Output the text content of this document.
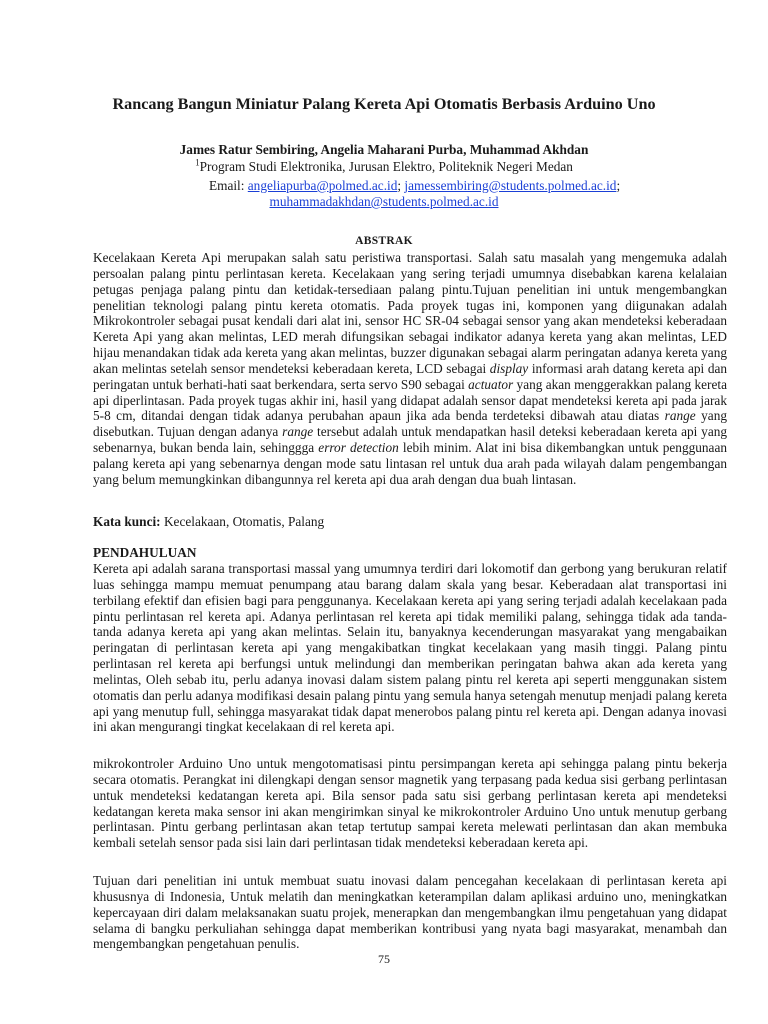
Rancang Bangun Miniatur Palang Kereta Api Otomatis Berbasis Arduino Uno
James Ratur Sembiring, Angelia Maharani Purba, Muhammad Akhdan
$^1$Program Studi Elektronika, Jurusan Elektro, Politeknik Negeri Medan
Email: angeliapurba@polmed.ac.id; jamessembiring@students.polmed.ac.id;
muhammadakhdan@students.polmed.ac.id
ABSTRAK
Kecelakaan Kereta Api merupakan salah satu peristiwa transportasi. Salah satu masalah yang mengemuka adalah persoalan palang pintu perlintasan kereta. Kecelakaan yang sering terjadi umumnya disebabkan karena kelalaian petugas penjaga palang pintu dan ketidak-tersediaan palang pintu.Tujuan penelitian ini untuk mengembangkan penelitian teknologi palang pintu kereta otomatis. Pada proyek tugas ini, komponen yang diigunakan adalah Mikrokontroler sebagai pusat kendali dari alat ini, sensor HC SR-04 sebagai sensor yang akan mendeteksi keberadaan Kereta Api yang akan melintas, LED merah difungsikan sebagai indikator adanya kereta yang akan melintas, LED hijau menandakan tidak ada kereta yang akan melintas, buzzer digunakan sebagai alarm peringatan adanya kereta yang akan melintas setelah sensor mendeteksi keberadaan kereta, LCD sebagai display informasi arah datang kereta api dan peringatan untuk berhati-hati saat berkendara, serta servo S90 sebagai actuator yang akan menggerakkan palang kereta api diperlintasan. Pada proyek tugas akhir ini, hasil yang didapat adalah sensor dapat mendeteksi kereta api pada jarak 5-8 cm, ditandai dengan tidak adanya perubahan apaun jika ada benda terdeteksi dibawah atau diatas range yang disebutkan. Tujuan dengan adanya range tersebut adalah untuk mendapatkan hasil deteksi keberadaan kereta api yang sebenarnya, bukan benda lain, sehinggga error detection lebih minim. Alat ini bisa dikembangkan untuk penggunaan palang kereta api yang sebenarnya dengan mode satu lintasan rel untuk dua arah pada wilayah dalam pengembangan yang belum memungkinkan dibangunnya rel kereta api dua arah dengan dua buah lintasan.
Kata kunci: Kecelakaan, Otomatis, Palang
PENDAHULUAN
Kereta api adalah sarana transportasi massal yang umumnya terdiri dari lokomotif dan gerbong yang berukuran relatif luas sehingga mampu memuat penumpang atau barang dalam skala yang besar. Keberadaan alat transportasi ini terbilang efektif dan efisien bagi para penggunanya. Kecelakaan kereta api yang sering terjadi adalah kecelakaan pada pintu perlintasan rel kereta api. Adanya perlintasan rel kereta api tidak memiliki palang, sehingga tidak ada tanda-tanda adanya kereta api yang akan melintas. Selain itu, banyaknya kecenderungan masyarakat yang mengabaikan peringatan di perlintasan kereta api yang mengakibatkan tingkat kecelakaan yang masih tinggi. Palang pintu perlintasan rel kereta api berfungsi untuk melindungi dan memberikan peringatan bahwa akan ada kereta yang melintas, Oleh sebab itu, perlu adanya inovasi dalam sistem palang pintu rel kereta api seperti menggunakan sistem otomatis dan perlu adanya modifikasi desain palang pintu yang semula hanya setengah menutup menjadi palang kereta api yang menutup full, sehingga masyarakat tidak dapat menerobos palang pintu rel kereta api. Dengan adanya inovasi ini akan mengurangi tingkat kecelakaan di rel kereta api.
mikrokontroler Arduino Uno untuk mengotomatisasi pintu persimpangan kereta api sehingga palang pintu bekerja secara otomatis. Perangkat ini dilengkapi dengan sensor magnetik yang terpasang pada kedua sisi gerbang perlintasan untuk mendeteksi kedatangan kereta api. Bila sensor pada satu sisi gerbang perlintasan kereta api mendeteksi kedatangan kereta maka sensor ini akan mengirimkan sinyal ke mikrokontroler Arduino Uno untuk menutup gerbang perlintasan. Pintu gerbang perlintasan akan tetap tertutup sampai kereta melewati perlintasan dan akan membuka kembali setelah sensor pada sisi lain dari perlintasan tidak mendeteksi keberadaan kereta api.
Tujuan dari penelitian ini untuk membuat suatu inovasi dalam pencegahan kecelakaan di perlintasan kereta api khususnya di Indonesia, Untuk melatih dan meningkatkan keterampilan dalam aplikasi arduino uno, meningkatkan kepercayaan diri dalam melaksanakan suatu projek, menerapkan dan mengembangkan ilmu pengetahuan yang didapat selama di bangku perkuliahan sehingga dapat memberikan kontribusi yang nyata bagi masyarakat, menambah dan mengembangkan pengetahuan penulis.
75
